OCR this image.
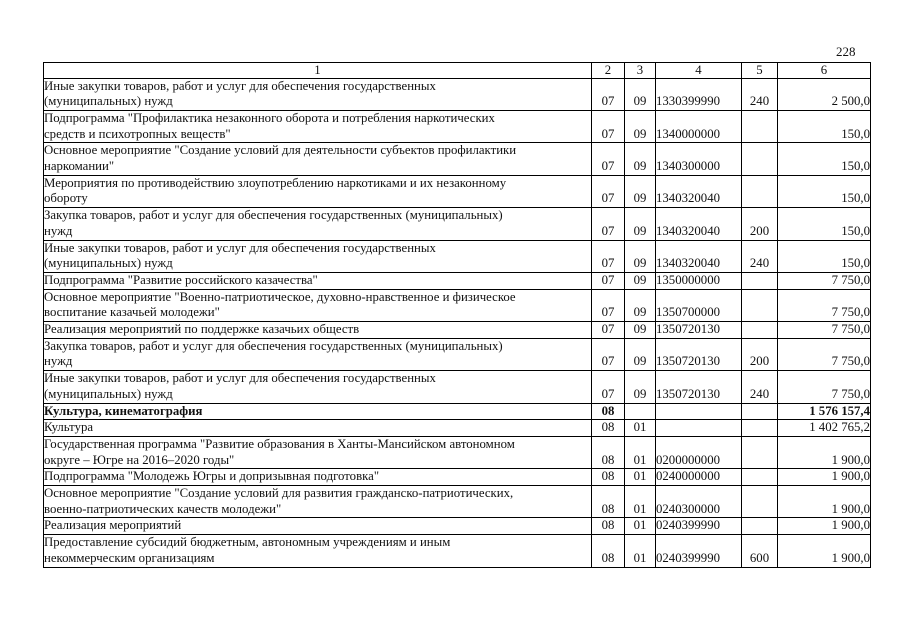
228
1	2	3	4	5	6

Иные закупки товаров, работ и услуг для обеспечения государственных
(муниципальных) нужд	07	09	1330399990	240	2 500,0

Подпрограмма "Профилактика незаконного оборота и потребления наркотических
средств и психотропных веществ"	07	09	1340000000		150,0

Основное мероприятие "Создание условий для деятельности субъектов профилактики
наркомании"	07	09	1340300000		150,0

Мероприятия по противодействию злоупотреблению наркотиками и их незаконному
обороту	07	09	1340320040		150,0

Закупка товаров, работ и услуг для обеспечения государственных (муниципальных)
нужд	07	09	1340320040	200	150,0

Иные закупки товаров, работ и услуг для обеспечения государственных
(муниципальных) нужд	07	09	1340320040	240	150,0

Подпрограмма "Развитие российского казачества"	07	09	1350000000		7 750,0

Основное мероприятие "Военно-патриотическое, духовно-нравственное и физическое
воспитание казачьей молодежи"	07	09	1350700000		7 750,0

Реализация мероприятий по поддержке казачьих обществ	07	09	1350720130		7 750,0

Закупка товаров, работ и услуг для обеспечения государственных (муниципальных)
нужд	07	09	1350720130	200	7 750,0

Иные закупки товаров, работ и услуг для обеспечения государственных
(муниципальных) нужд	07	09	1350720130	240	7 750,0

Культура, кинематография	08				1 576 157,4

Культура	08	01			1 402 765,2

Государственная программа "Развитие образования в Ханты-Мансийском автономном
округе – Югре на 2016–2020 годы"	08	01	0200000000		1 900,0

Подпрограмма "Молодежь Югры и допризывная подготовка"	08	01	0240000000		1 900,0

Основное мероприятие "Создание условий для развития гражданско-патриотических,
военно-патриотических качеств молодежи"	08	01	0240300000		1 900,0

Реализация мероприятий	08	01	0240399990		1 900,0

Предоставление субсидий бюджетным, автономным учреждениям и иным
некоммерческим организациям	08	01	0240399990	600	1 900,0
